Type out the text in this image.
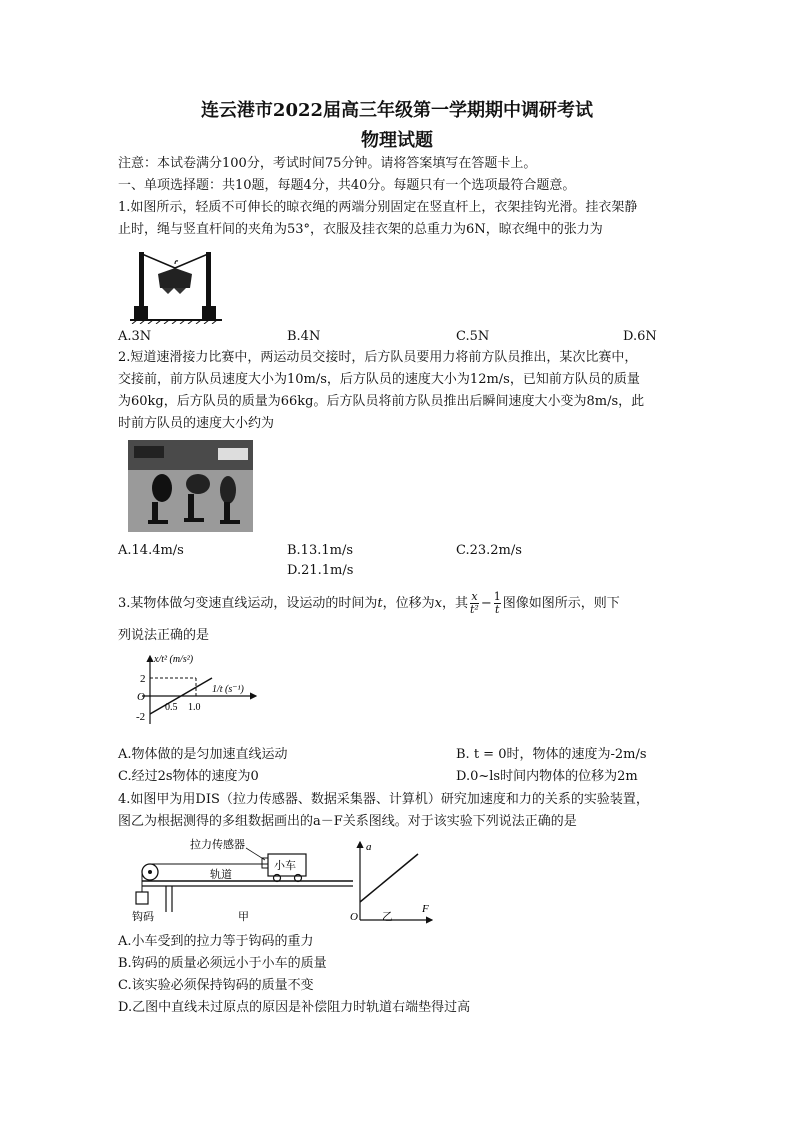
连云港市2022届高三年级第一学期期中调研考试
物理试题
注意：本试卷满分100分，考试时间75分钟。请将答案填写在答题卡上。
一、单项选择题：共10题，每题4分，共40分。每题只有一个选项最符合题意。
1.如图所示，轻质不可伸长的晾衣绳的两端分别固定在竖直杆上，衣架挂钩光滑。挂衣架静
止时，绳与竖直杆间的夹角为53°，衣服及挂衣架的总重力为6N，晾衣绳中的张力为
A.3N	B.4N	C.5N	D.6N
2.短道速滑接力比赛中，两运动员交接时，后方队员要用力将前方队员推出，某次比赛中，
交接前，前方队员速度大小为10m/s，后方队员的速度大小为12m/s，已知前方队员的质量
为60kg，后方队员的质量为66kg。后方队员将前方队员推出后瞬间速度大小变为8m/s，此
时前方队员的速度大小约为
A.14.4m/s	B.13.1m/s	C.23.2m/s
D.21.1m/s
3.某物体做匀变速直线运动，设运动的时间为t，位移为x，其 $\frac{x}{\text{t²}} - \frac{1}{t}$ 图像如图所示，则下
列说法正确的是
x/t² (m/s²)
1/t (s⁻¹)
O
2
-2
0.5 1.0
A.物体做的是匀加速直线运动	B. t = 0时，物体的速度为-2m/s
C.经过2s物体的速度为0	D.0~ls时间内物体的位移为2m
4.如图甲为用DIS（拉力传感器、数据采集器、计算机）研究加速度和力的关系的实验装置，
图乙为根据测得的多组数据画出的a－F关系图线。对于该实验下列说法正确的是
拉力传感器
小车
轨道
钩码	甲
a
F
O 乙
A.小车受到的拉力等于钩码的重力
B.钩码的质量必须远小于小车的质量
C.该实验必须保持钩码的质量不变
D.乙图中直线未过原点的原因是补偿阻力时轨道右端垫得过高
